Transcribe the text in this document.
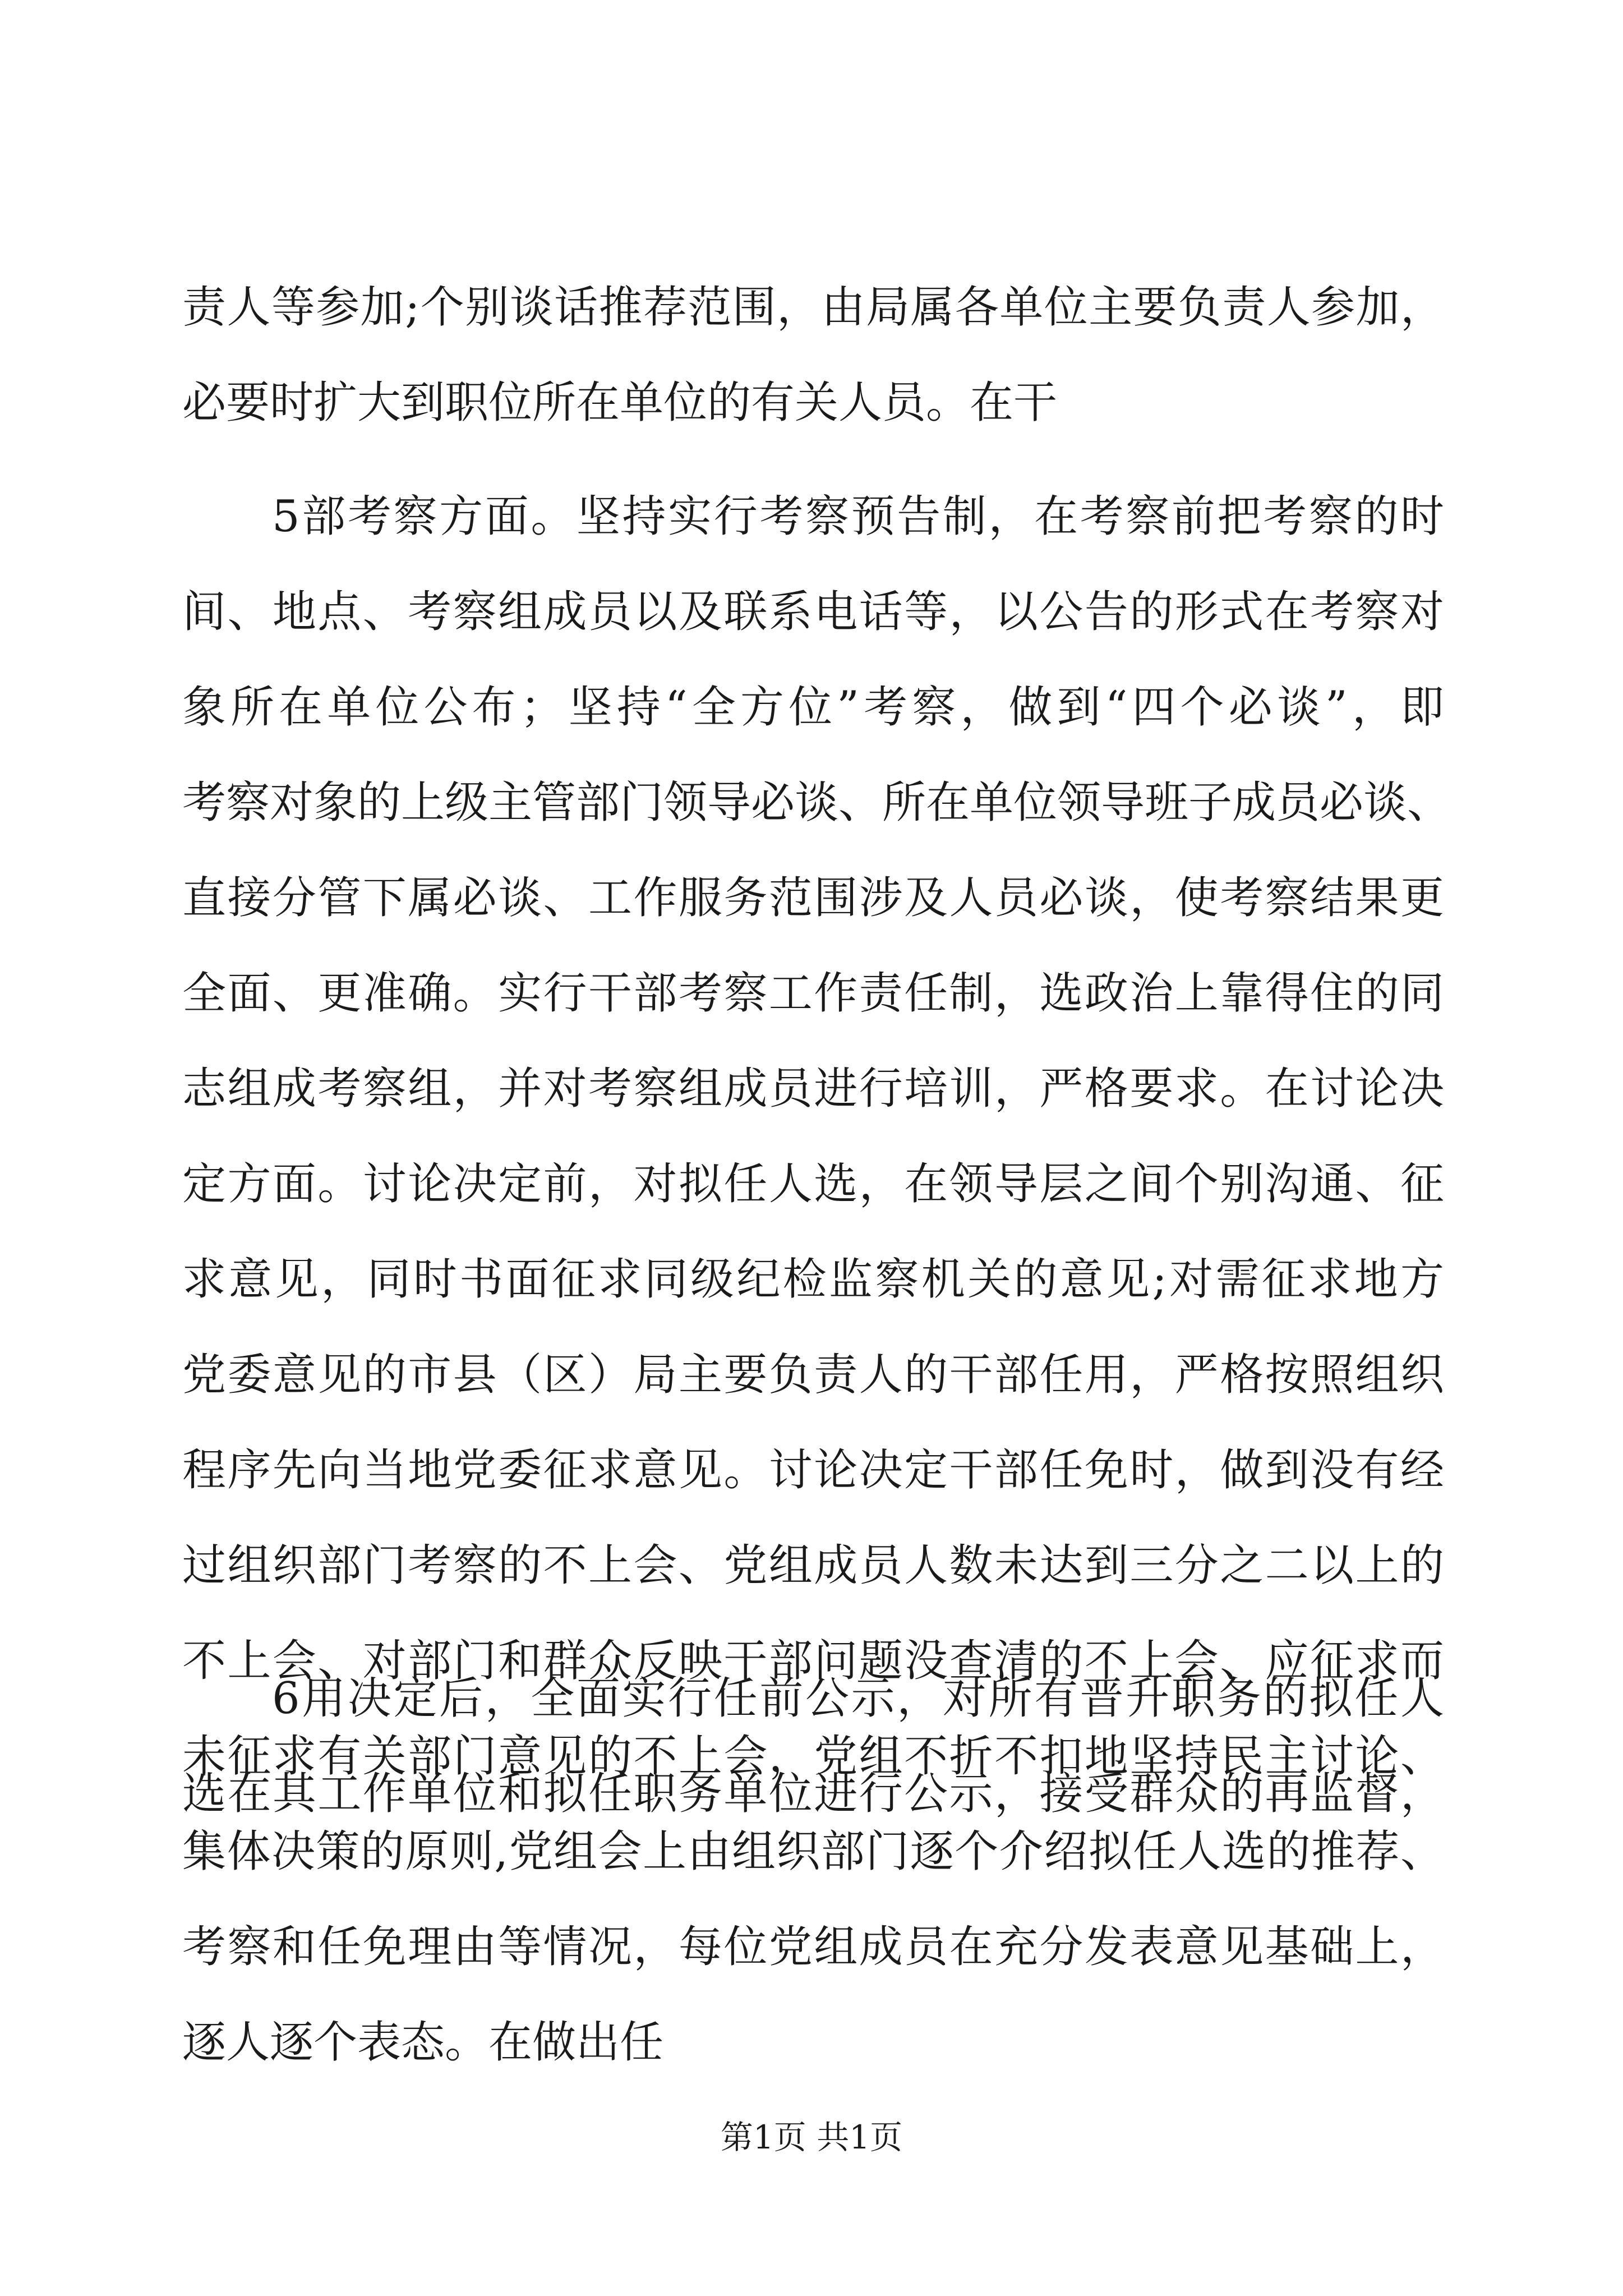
责人等参加;个别谈话推荐范围，由局属各单位主要负责人参加，
必要时扩大到职位所在单位的有关人员。在干
5部考察方面。坚持实行考察预告制，在考察前把考察的时
间、地点、考察组成员以及联系电话等，以公告的形式在考察对
象所在单位公布；坚持“全方位”考察，做到“四个必谈”，即
考察对象的上级主管部门领导必谈、所在单位领导班子成员必谈、
直接分管下属必谈、工作服务范围涉及人员必谈，使考察结果更
全面、更准确。实行干部考察工作责任制，选政治上靠得住的同
志组成考察组，并对考察组成员进行培训，严格要求。在讨论决
定方面。讨论决定前，对拟任人选，在领导层之间个别沟通、征
求意见，同时书面征求同级纪检监察机关的意见;对需征求地方
党委意见的市县（区）局主要负责人的干部任用，严格按照组织
程序先向当地党委征求意见。讨论决定干部任免时，做到没有经
过组织部门考察的不上会、党组成员人数未达到三分之二以上的
不上会、对部门和群众反映干部问题没查清的不上会、应征求而
未征求有关部门意见的不上会，党组不折不扣地坚持民主讨论、
集体决策的原则,党组会上由组织部门逐个介绍拟任人选的推荐、
考察和任免理由等情况，每位党组成员在充分发表意见基础上，
逐人逐个表态。在做出任
6用决定后，全面实行任前公示，对所有晋升职务的拟任人
选在其工作单位和拟任职务单位进行公示，接受群众的再监督，
第1页 共1页
